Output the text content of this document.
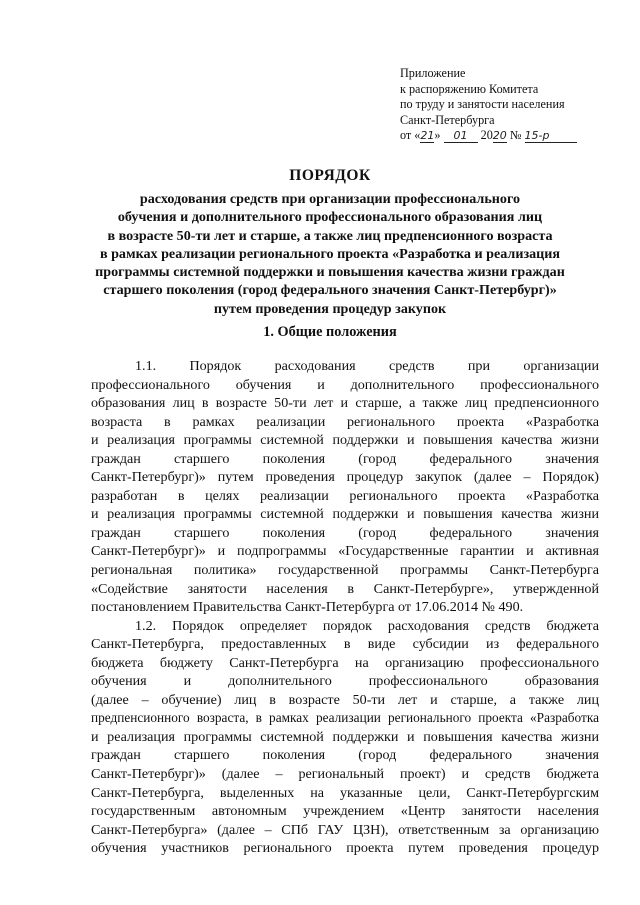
Приложение
к распоряжению Комитета
по труду и занятости населения
Санкт-Петербурга
от «21» 01 2020 № 15-р
ПОРЯДОК
расходования средств при организации профессионального
обучения и дополнительного профессионального образования лиц
в возрасте 50-ти лет и старше, а также лиц предпенсионного возраста
в рамках реализации регионального проекта «Разработка и реализация
программы системной поддержки и повышения качества жизни граждан
старшего поколения (город федерального значения Санкт-Петербург)»
путем проведения процедур закупок
1. Общие положения
1.1. Порядок расходования средств при организации
профессионального обучения и дополнительного профессионального
образования лиц в возрасте 50-ти лет и старше, а также лиц предпенсионного
возраста в рамках реализации регионального проекта «Разработка
и реализация программы системной поддержки и повышения качества жизни
граждан старшего поколения (город федерального значения
Санкт-Петербург)» путем проведения процедур закупок (далее – Порядок)
разработан в целях реализации регионального проекта «Разработка
и реализация программы системной поддержки и повышения качества жизни
граждан старшего поколения (город федерального значения
Санкт-Петербург)» и подпрограммы «Государственные гарантии и активная
региональная политика» государственной программы Санкт-Петербурга
«Содействие занятости населения в Санкт-Петербурге», утвержденной
постановлением Правительства Санкт-Петербурга от 17.06.2014 № 490.
1.2. Порядок определяет порядок расходования средств бюджета
Санкт-Петербурга, предоставленных в виде субсидии из федерального
бюджета бюджету Санкт-Петербурга на организацию профессионального
обучения и дополнительного профессионального образования
(далее – обучение) лиц в возрасте 50-ти лет и старше, а также лиц
предпенсионного возраста, в рамках реализации регионального проекта «Разработка
и реализация программы системной поддержки и повышения качества жизни
граждан старшего поколения (город федерального значения
Санкт-Петербург)» (далее – региональный проект) и средств бюджета
Санкт-Петербурга, выделенных на указанные цели, Санкт-Петербургским
государственным автономным учреждением «Центр занятости населения
Санкт-Петербурга» (далее – СПб ГАУ ЦЗН), ответственным за организацию
обучения участников регионального проекта путем проведения процедур
